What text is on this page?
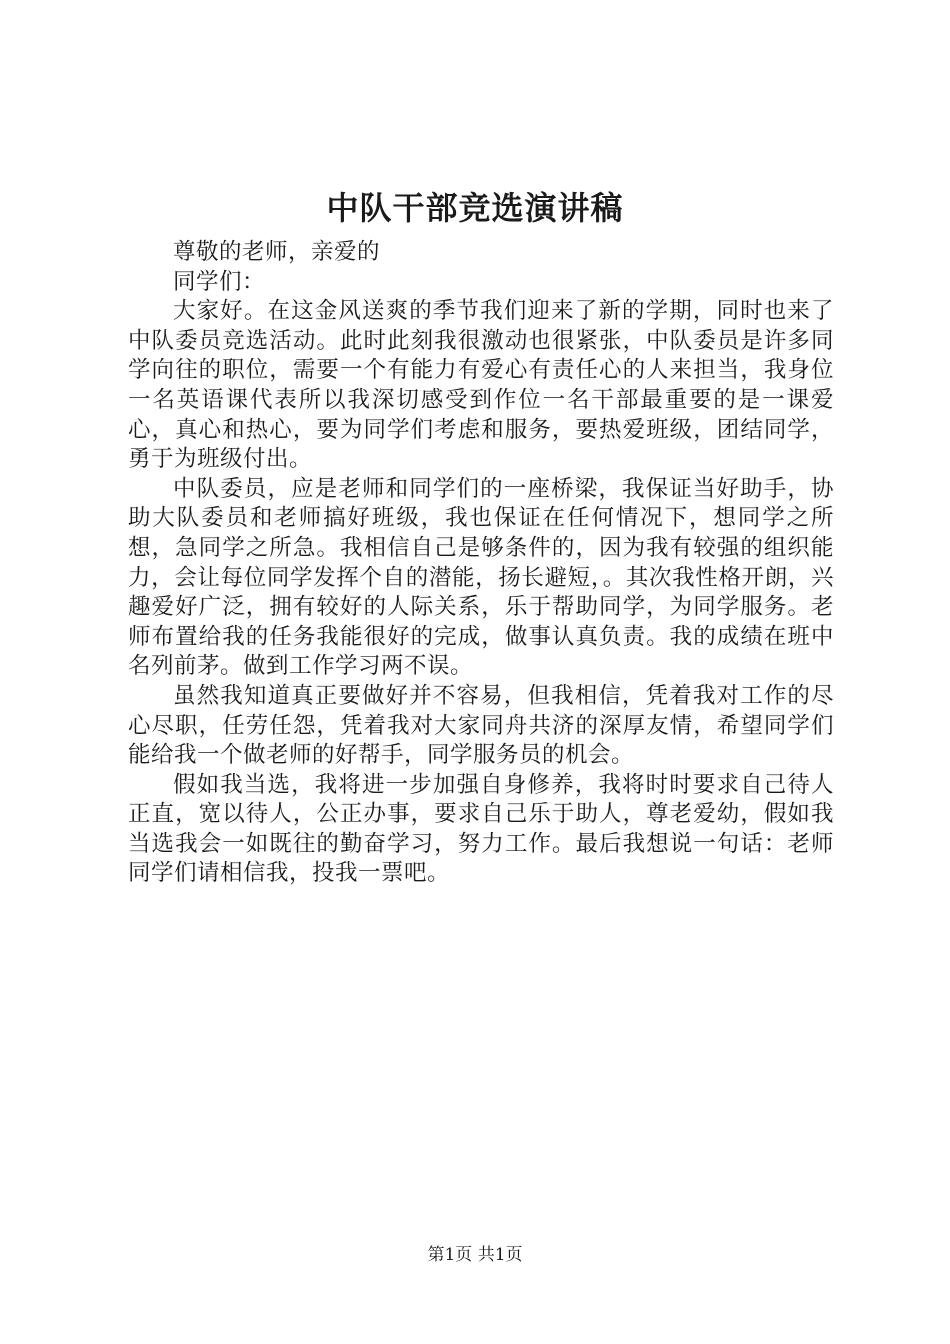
中队干部竞选演讲稿

尊敬的老师，亲爱的

同学们：

大家好。在这金风送爽的季节我们迎来了新的学期，同时也来了中队委员竞选活动。此时此刻我很激动也很紧张，中队委员是许多同学向往的职位，需要一个有能力有爱心有责任心的人来担当，我身位一名英语课代表所以我深切感受到作位一名干部最重要的是一课爱心，真心和热心，要为同学们考虑和服务，要热爱班级，团结同学，勇于为班级付出。

中队委员，应是老师和同学们的一座桥梁，我保证当好助手，协助大队委员和老师搞好班级，我也保证在任何情况下，想同学之所想，急同学之所急。我相信自己是够条件的，因为我有较强的组织能力，会让每位同学发挥个自的潜能，扬长避短，。其次我性格开朗，兴趣爱好广泛，拥有较好的人际关系，乐于帮助同学，为同学服务。老师布置给我的任务我能很好的完成，做事认真负责。我的成绩在班中名列前茅。做到工作学习两不误。

虽然我知道真正要做好并不容易，但我相信，凭着我对工作的尽心尽职，任劳任怨，凭着我对大家同舟共济的深厚友情，希望同学们能给我一个做老师的好帮手，同学服务员的机会。

假如我当选，我将进一步加强自身修养，我将时时要求自己待人正直，宽以待人，公正办事，要求自己乐于助人，尊老爱幼，假如我当选我会一如既往的勤奋学习，努力工作。最后我想说一句话：老师同学们请相信我，投我一票吧。

第1页 共1页
